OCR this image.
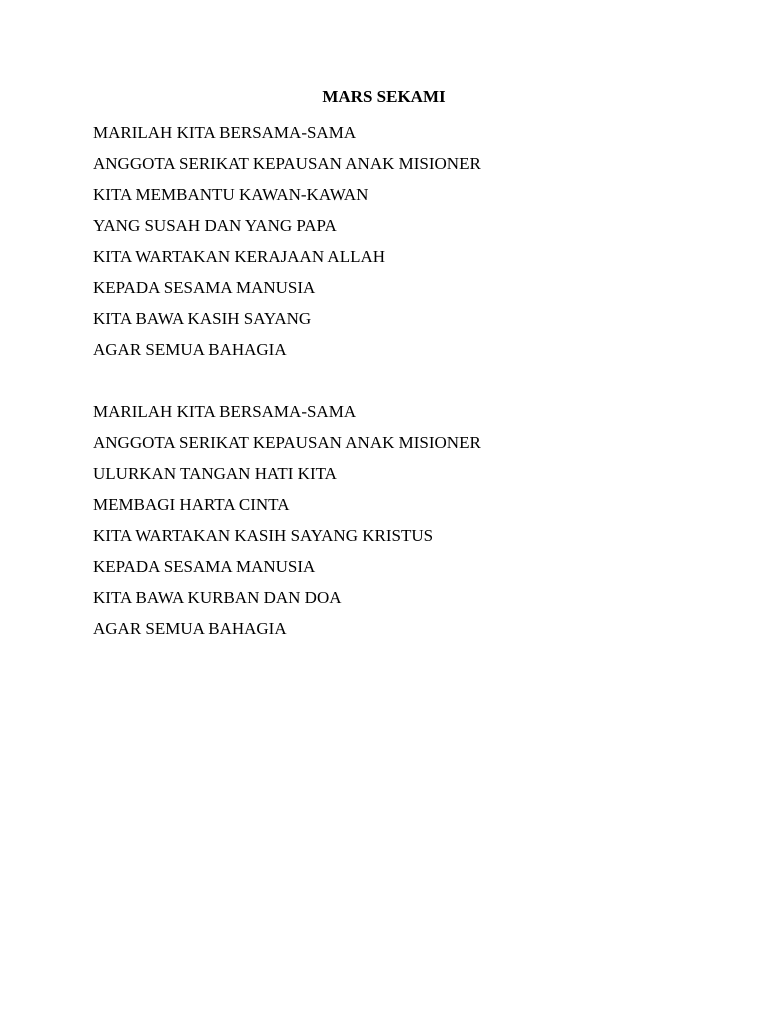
MARS SEKAMI

MARILAH KITA BERSAMA-SAMA

ANGGOTA SERIKAT KEPAUSAN ANAK MISIONER

KITA MEMBANTU KAWAN-KAWAN

YANG SUSAH DAN YANG PAPA

KITA WARTAKAN KERAJAAN ALLAH

KEPADA SESAMA MANUSIA

KITA BAWA KASIH SAYANG

AGAR SEMUA BAHAGIA

MARILAH KITA BERSAMA-SAMA

ANGGOTA SERIKAT KEPAUSAN ANAK MISIONER

ULURKAN TANGAN HATI KITA

MEMBAGI HARTA CINTA

KITA WARTAKAN KASIH SAYANG KRISTUS

KEPADA SESAMA MANUSIA

KITA BAWA KURBAN DAN DOA

AGAR SEMUA BAHAGIA
